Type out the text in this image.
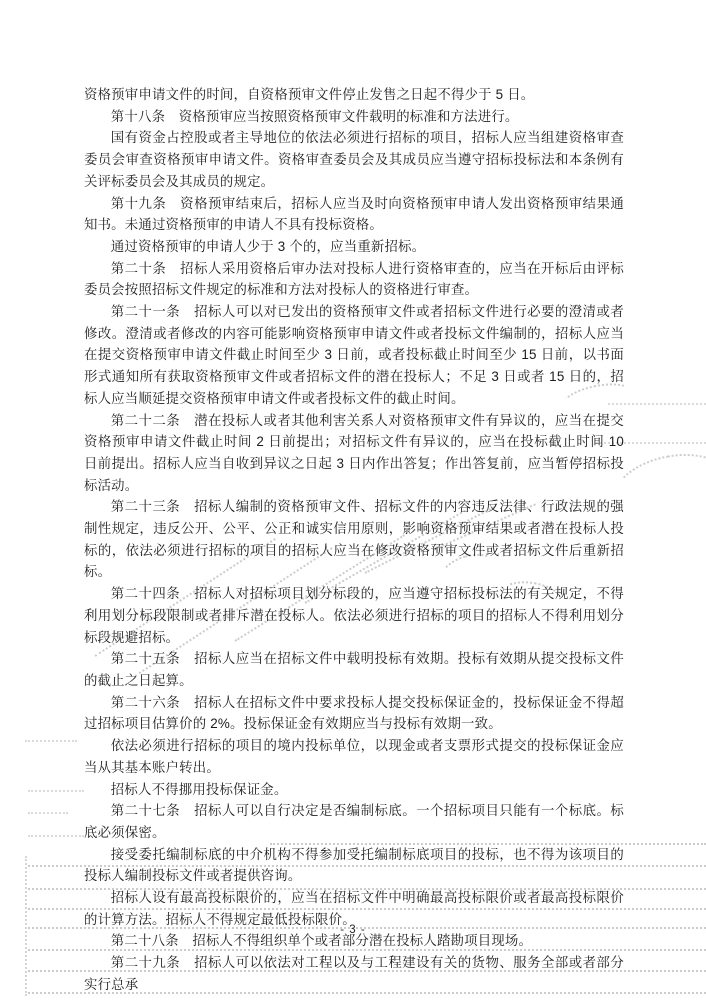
资格预审申请文件的时间，自资格预审文件停止发售之日起不得少于 5 日。

第十八条　资格预审应当按照资格预审文件载明的标准和方法进行。

国有资金占控股或者主导地位的依法必须进行招标的项目，招标人应当组建资格审查委员会审查资格预审申请文件。资格审查委员会及其成员应当遵守招标投标法和本条例有关评标委员会及其成员的规定。

第十九条　资格预审结束后，招标人应当及时向资格预审申请人发出资格预审结果通知书。未通过资格预审的申请人不具有投标资格。

通过资格预审的申请人少于 3 个的，应当重新招标。

第二十条　招标人采用资格后审办法对投标人进行资格审查的，应当在开标后由评标委员会按照招标文件规定的标准和方法对投标人的资格进行审查。

第二十一条　招标人可以对已发出的资格预审文件或者招标文件进行必要的澄清或者修改。澄清或者修改的内容可能影响资格预审申请文件或者投标文件编制的，招标人应当在提交资格预审申请文件截止时间至少 3 日前，或者投标截止时间至少 15 日前，以书面形式通知所有获取资格预审文件或者招标文件的潜在投标人；不足 3 日或者 15 日的，招标人应当顺延提交资格预审申请文件或者投标文件的截止时间。

第二十二条　潜在投标人或者其他利害关系人对资格预审文件有异议的，应当在提交资格预审申请文件截止时间 2 日前提出；对招标文件有异议的，应当在投标截止时间 10 日前提出。招标人应当自收到异议之日起 3 日内作出答复；作出答复前，应当暂停招标投标活动。

第二十三条　招标人编制的资格预审文件、招标文件的内容违反法律、行政法规的强制性规定，违反公开、公平、公正和诚实信用原则，影响资格预审结果或者潜在投标人投标的，依法必须进行招标的项目的招标人应当在修改资格预审文件或者招标文件后重新招标。

第二十四条　招标人对招标项目划分标段的，应当遵守招标投标法的有关规定，不得利用划分标段限制或者排斥潜在投标人。依法必须进行招标的项目的招标人不得利用划分标段规避招标。

第二十五条　招标人应当在招标文件中载明投标有效期。投标有效期从提交投标文件的截止之日起算。

第二十六条　招标人在招标文件中要求投标人提交投标保证金的，投标保证金不得超过招标项目估算价的 2%。投标保证金有效期应当与投标有效期一致。

依法必须进行招标的项目的境内投标单位，以现金或者支票形式提交的投标保证金应当从其基本账户转出。

招标人不得挪用投标保证金。

第二十七条　招标人可以自行决定是否编制标底。一个招标项目只能有一个标底。标底必须保密。

接受委托编制标底的中介机构不得参加受托编制标底项目的投标，也不得为该项目的投标人编制投标文件或者提供咨询。

招标人设有最高投标限价的，应当在招标文件中明确最高投标限价或者最高投标限价的计算方法。招标人不得规定最低投标限价。

第二十八条　招标人不得组织单个或者部分潜在投标人踏勘项目现场。

第二十九条　招标人可以依法对工程以及与工程建设有关的货物、服务全部或者部分实行总承

- 3 -
